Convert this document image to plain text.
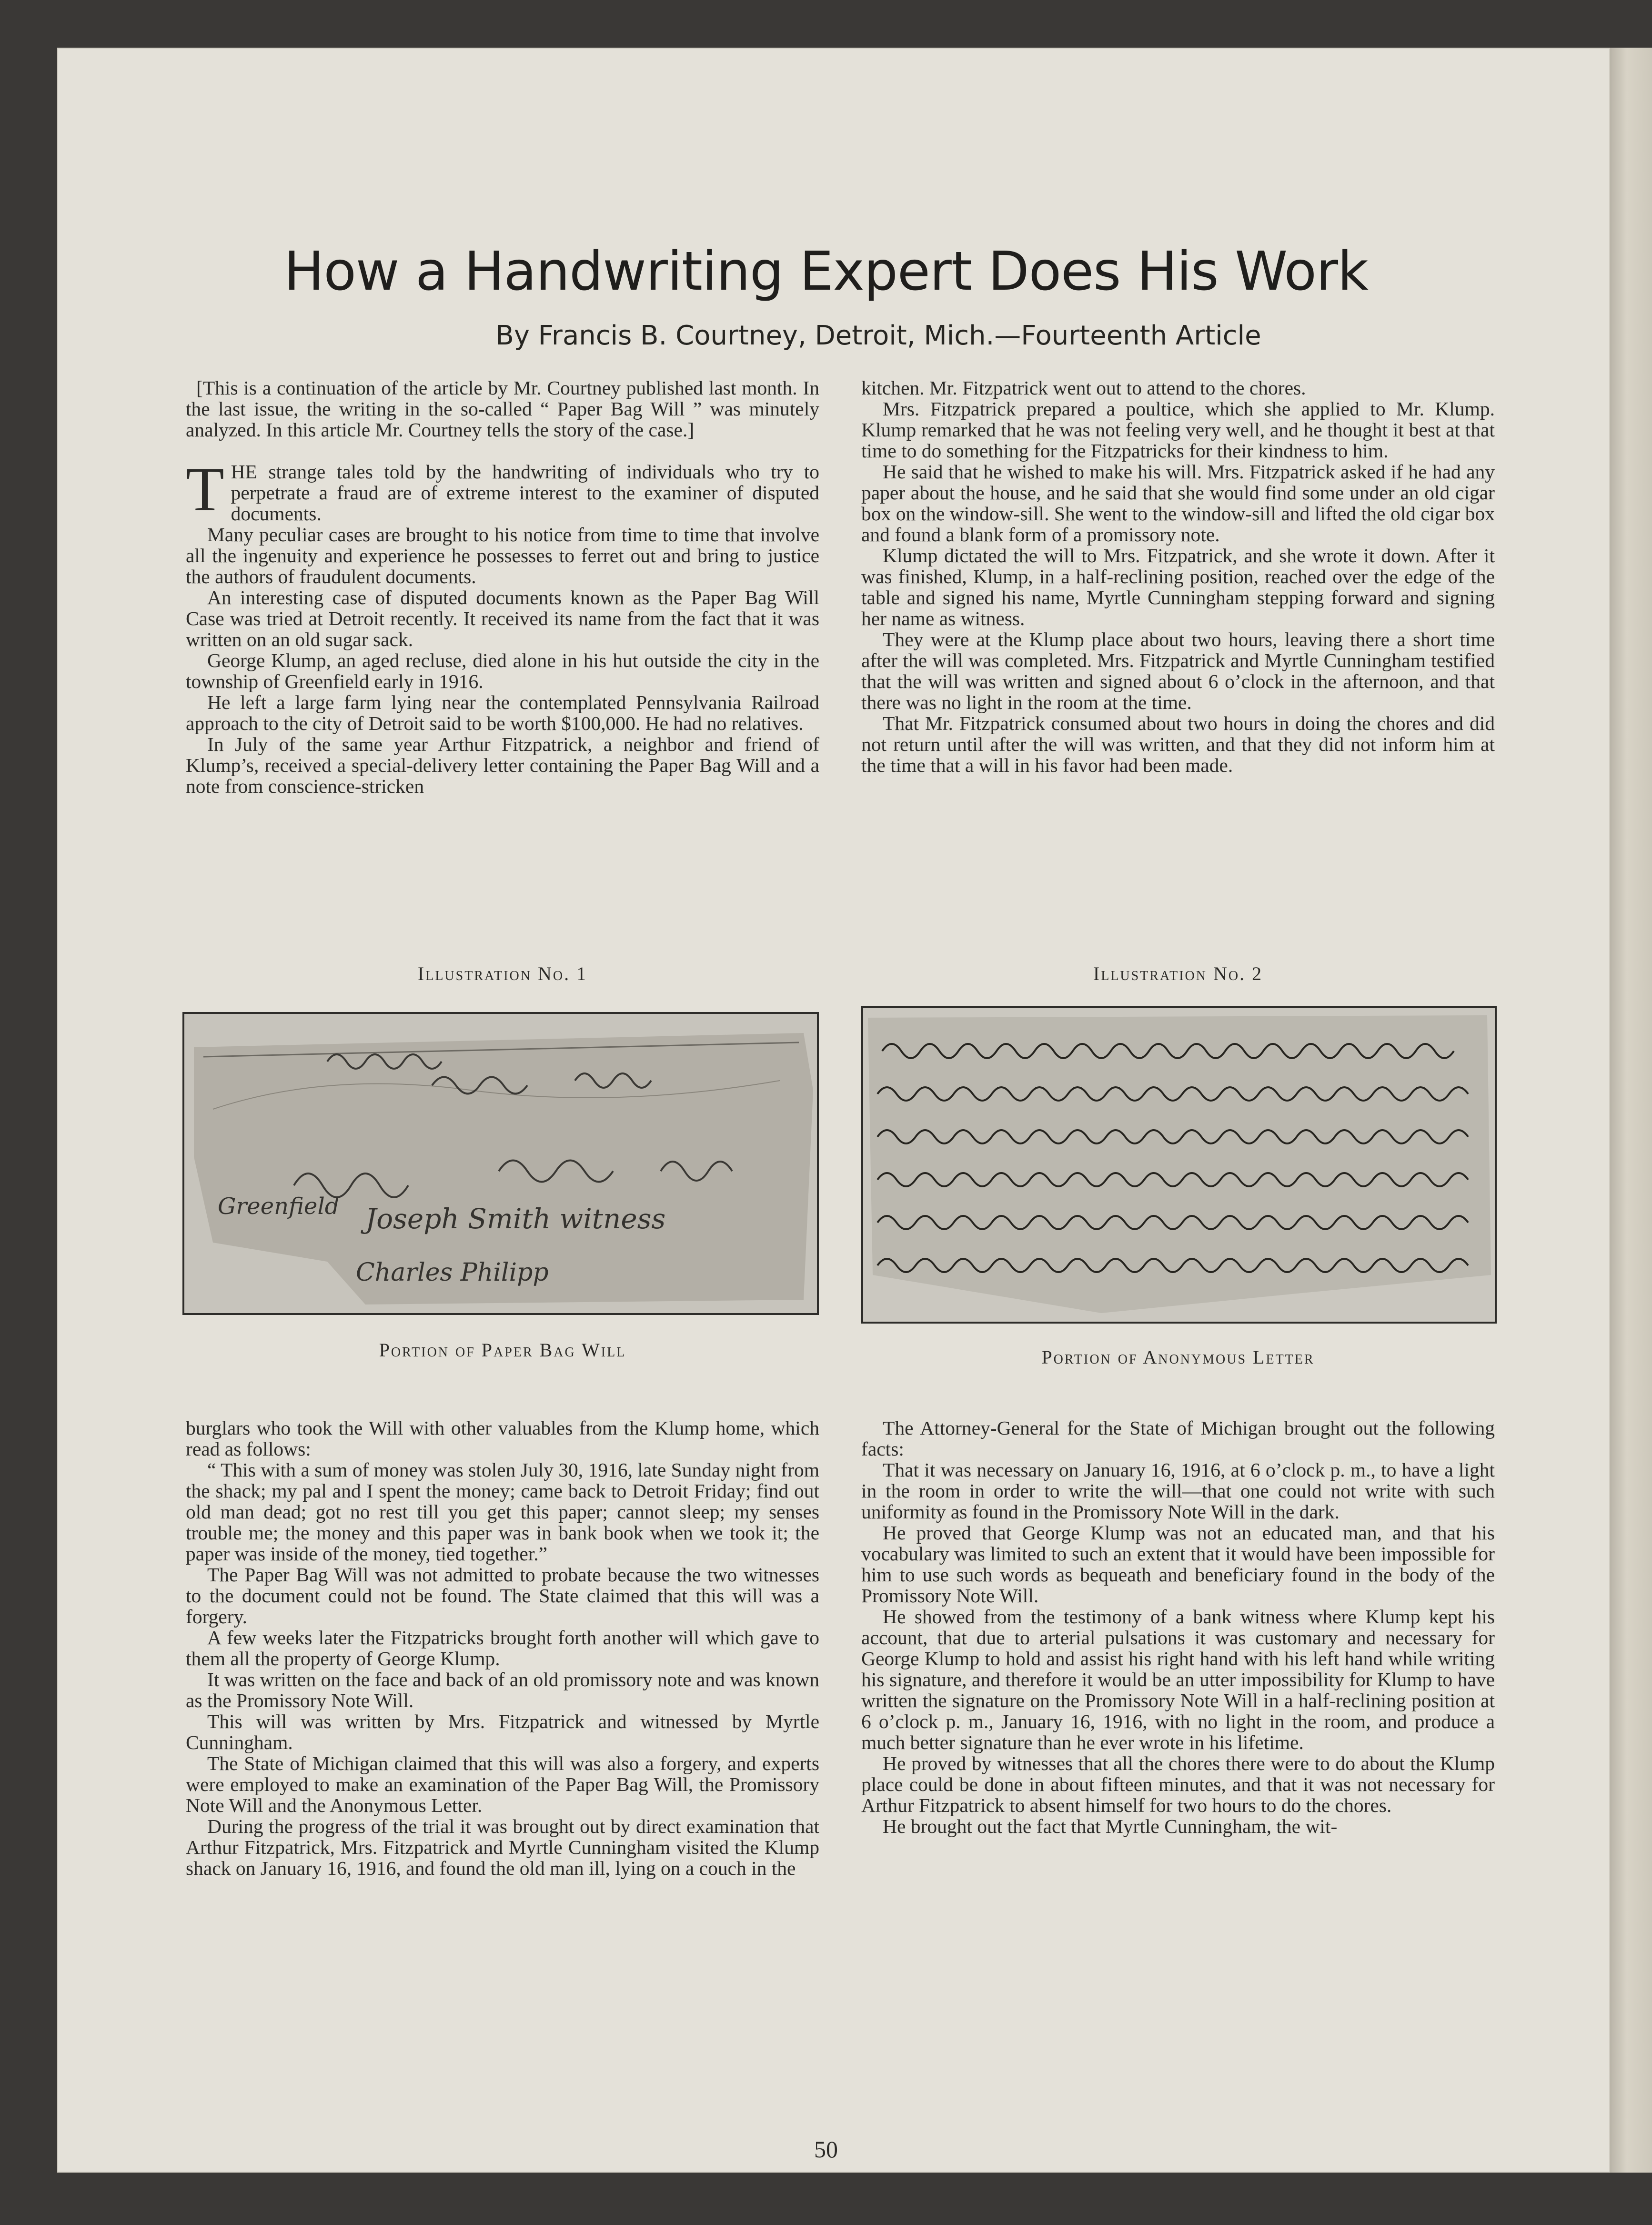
How a Handwriting Expert Does His Work
By Francis B. Courtney, Detroit, Mich.—Fourteenth Article

[This is a continuation of the article by Mr. Courtney published last month. In the last issue, the writing in the so-called “ Paper Bag Will ” was minutely analyzed. In this article Mr. Courtney tells the story of the case.]

T HE strange tales told by the handwriting of individuals who try to perpetrate a fraud are of extreme interest to the examiner of disputed documents.

Many peculiar cases are brought to his notice from time to time that involve all the ingenuity and experience he possesses to ferret out and bring to justice the authors of fraudulent documents.

An interesting case of disputed documents known as the Paper Bag Will Case was tried at Detroit recently. It received its name from the fact that it was written on an old sugar sack.

George Klump, an aged recluse, died alone in his hut outside the city in the township of Greenfield early in 1916.

He left a large farm lying near the contemplated Pennsylvania Railroad approach to the city of Detroit said to be worth $100,000. He had no relatives.

In July of the same year Arthur Fitzpatrick, a neighbor and friend of Klump’s, received a special-delivery letter containing the Paper Bag Will and a note from conscience-stricken

kitchen. Mr. Fitzpatrick went out to attend to the chores.

Mrs. Fitzpatrick prepared a poultice, which she applied to Mr. Klump. Klump remarked that he was not feeling very well, and he thought it best at that time to do something for the Fitzpatricks for their kindness to him.

He said that he wished to make his will. Mrs. Fitzpatrick asked if he had any paper about the house, and he said that she would find some under an old cigar box on the window-sill. She went to the window-sill and lifted the old cigar box and found a blank form of a promissory note.

Klump dictated the will to Mrs. Fitzpatrick, and she wrote it down. After it was finished, Klump, in a half-reclining position, reached over the edge of the table and signed his name, Myrtle Cunningham stepping forward and signing her name as witness.

They were at the Klump place about two hours, leaving there a short time after the will was completed. Mrs. Fitzpatrick and Myrtle Cunningham testified that the will was written and signed about 6 o’clock in the afternoon, and that there was no light in the room at the time.

That Mr. Fitzpatrick consumed about two hours in doing the chores and did not return until after the will was written, and that they did not inform him at the time that a will in his favor had been made.

Illustration No. 1
Greenfield Joseph Smith witness
Charles Philipp
Portion of Paper Bag Will
Illustration No. 2
Portion of Anonymous Letter

burglars who took the Will with other valuables from the Klump home, which read as follows:

“ This with a sum of money was stolen July 30, 1916, late Sunday night from the shack; my pal and I spent the money; came back to Detroit Friday; find out old man dead; got no rest till you get this paper; cannot sleep; my senses trouble me; the money and this paper was in bank book when we took it; the paper was inside of the money, tied together.”

The Paper Bag Will was not admitted to probate because the two witnesses to the document could not be found. The State claimed that this will was a forgery.

A few weeks later the Fitzpatricks brought forth another will which gave to them all the property of George Klump.

It was written on the face and back of an old promissory note and was known as the Promissory Note Will.

This will was written by Mrs. Fitzpatrick and witnessed by Myrtle Cunningham.

The State of Michigan claimed that this will was also a forgery, and experts were employed to make an examination of the Paper Bag Will, the Promissory Note Will and the Anonymous Letter.

During the progress of the trial it was brought out by direct examination that Arthur Fitzpatrick, Mrs. Fitzpatrick and Myrtle Cunningham visited the Klump shack on January 16, 1916, and found the old man ill, lying on a couch in the

The Attorney-General for the State of Michigan brought out the following facts:

That it was necessary on January 16, 1916, at 6 o’clock p. m., to have a light in the room in order to write the will—that one could not write with such uniformity as found in the Promissory Note Will in the dark.

He proved that George Klump was not an educated man, and that his vocabulary was limited to such an extent that it would have been impossible for him to use such words as bequeath and beneficiary found in the body of the Promissory Note Will.

He showed from the testimony of a bank witness where Klump kept his account, that due to arterial pulsations it was customary and necessary for George Klump to hold and assist his right hand with his left hand while writing his signature, and therefore it would be an utter impossibility for Klump to have written the signature on the Promissory Note Will in a half-reclining position at 6 o’clock p. m., January 16, 1916, with no light in the room, and produce a much better signature than he ever wrote in his lifetime.

He proved by witnesses that all the chores there were to do about the Klump place could be done in about fifteen minutes, and that it was not necessary for Arthur Fitzpatrick to absent himself for two hours to do the chores.

He brought out the fact that Myrtle Cunningham, the wit-

50
